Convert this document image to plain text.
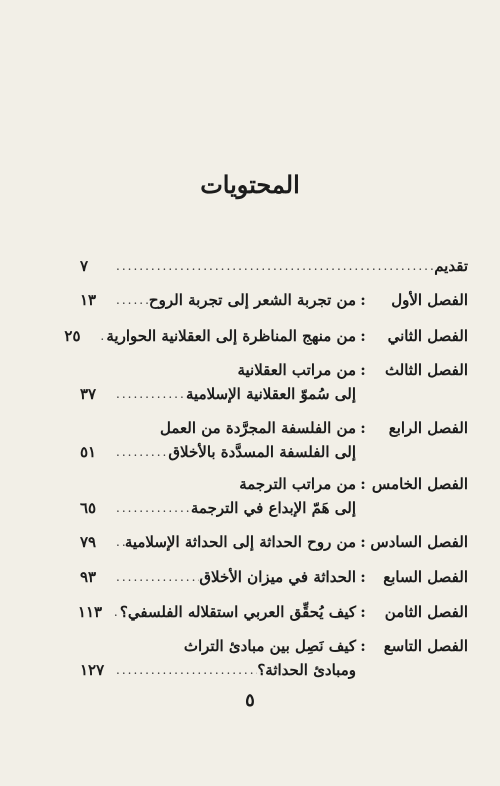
المحتويات
تقديم
.....
٧
الفصل الأول
:
من تجربة الشعر إلى تجربة الروح
.....
١٣
الفصل الثاني
:
من منهج المناظرة إلى العقلانية الحوارية
.....
٢٥
الفصل الثالث
:
من مراتب العقلانية
إلى سُموّ العقلانية الإسلامية
.....
٣٧
الفصل الرابع
:
من الفلسفة المجرَّدة من العمل
إلى الفلسفة المسدَّدة بالأخلاق
.....
٥١
الفصل الخامس
:
من مراتب الترجمة
إلى هَمّ الإبداع في الترجمة
.....
٦٥
الفصل السادس
:
من روح الحداثة إلى الحداثة الإسلامية
.....
٧٩
الفصل السابع
:
الحداثة في ميزان الأخلاق
.....
٩٣
الفصل الثامن
:
كيف يُحقِّق العربي استقلاله الفلسفي؟
.....
١١٣
الفصل التاسع
:
كيف نَصِل بين مبادئ التراث
ومبادئ الحداثة؟
.....
١٢٧
٥
